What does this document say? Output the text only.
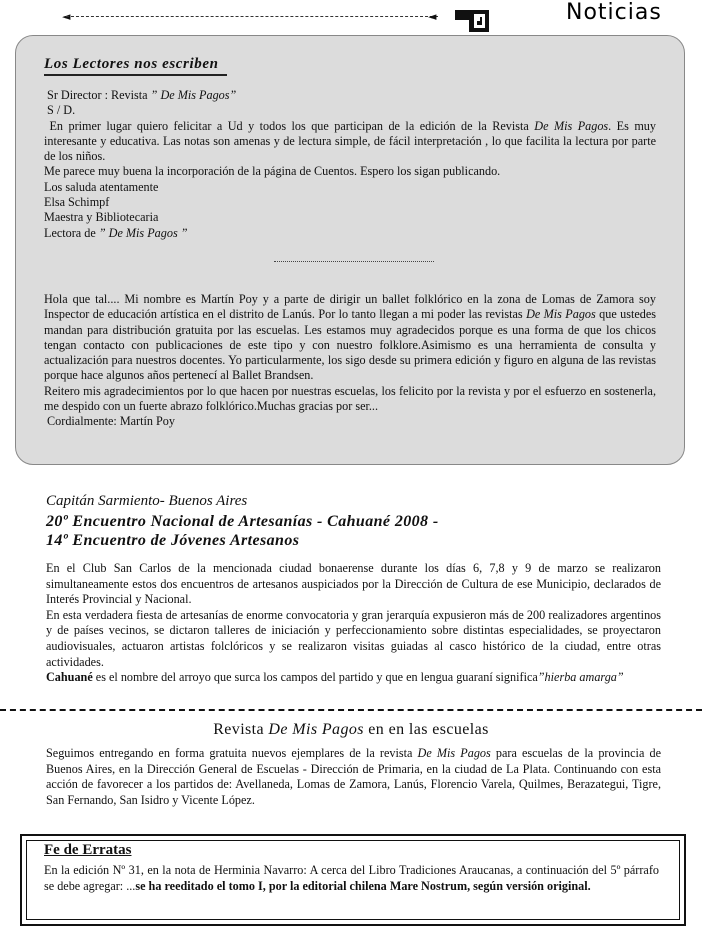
◄	◄	Noticias
Los Lectores nos escriben

Sr Director : Revista ” De Mis Pagos”

S / D.

En primer lugar quiero felicitar a Ud y todos los que participan de la edición de la Revista De Mis Pagos. Es muy interesante y educativa. Las notas son amenas y de lectura simple, de fácil interpretación , lo que facilita la lectura por parte de los niños.

Me parece muy buena la incorporación de la página de Cuentos. Espero los sigan publicando.

Los saluda atentamente

Elsa Schimpf

Maestra y Bibliotecaria

Lectora de ” De Mis Pagos ”

Hola que tal.... Mi nombre es Martín Poy y a parte de dirigir un ballet folklórico en la zona de Lomas de Zamora soy Inspector de educación artística en el distrito de Lanús. Por lo tanto llegan a mi poder las revistas De Mis Pagos que ustedes mandan para distribución gratuita por las escuelas. Les estamos muy agradecidos porque es una forma de que los chicos tengan contacto con publicaciones de este tipo y con nuestro folklore.Asimismo es una herramienta de consulta y actualización para nuestros docentes. Yo particularmente, los sigo desde su primera edición y figuro en alguna de las revistas porque hace algunos años pertenecí al Ballet Brandsen.

Reitero mis agradecimientos por lo que hacen por nuestras escuelas, los felicito por la revista y por el esfuerzo en sostenerla, me despido con un fuerte abrazo folklórico.Muchas gracias por ser...

Cordialmente: Martín Poy

Capitán Sarmiento- Buenos Aires
20º Encuentro Nacional de Artesanías - Cahuané 2008 -
14º Encuentro de Jóvenes Artesanos

En el Club San Carlos de la mencionada ciudad bonaerense durante los días 6, 7,8 y 9 de marzo se realizaron simultaneamente estos dos encuentros de artesanos auspiciados por la Dirección de Cultura de ese Municipio, declarados de Interés Provincial y Nacional.

En esta verdadera fiesta de artesanías de enorme convocatoria y gran jerarquía expusieron más de 200 realizadores argentinos y de países vecinos, se dictaron talleres de iniciación y perfeccionamiento sobre distintas especialidades, se proyectaron audiovisuales, actuaron artistas folclóricos y se realizaron visitas guiadas al casco histórico de la ciudad, entre otras actividades.

Cahuané es el nombre del arroyo que surca los campos del partido y que en lengua guaraní significa”hierba amarga”

Revista De Mis Pagos en en las escuelas
Seguimos entregando en forma gratuita nuevos ejemplares de la revista De Mis Pagos para escuelas de la provincia de Buenos Aires, en la Dirección General de Escuelas - Dirección de Primaria, en la ciudad de La Plata. Continuando con esta acción de favorecer a los partidos de: Avellaneda, Lomas de Zamora, Lanús, Florencio Varela, Quilmes, Berazategui, Tigre, San Fernando, San Isidro y Vicente López.
Fe de Erratas
En la edición Nº 31, en la nota de Herminia Navarro: A cerca del Libro Tradiciones Araucanas, a continuación del 5º párrafo se debe agregar: ...se ha reeditado el tomo I, por la editorial chilena Mare Nostrum, según versión original.
